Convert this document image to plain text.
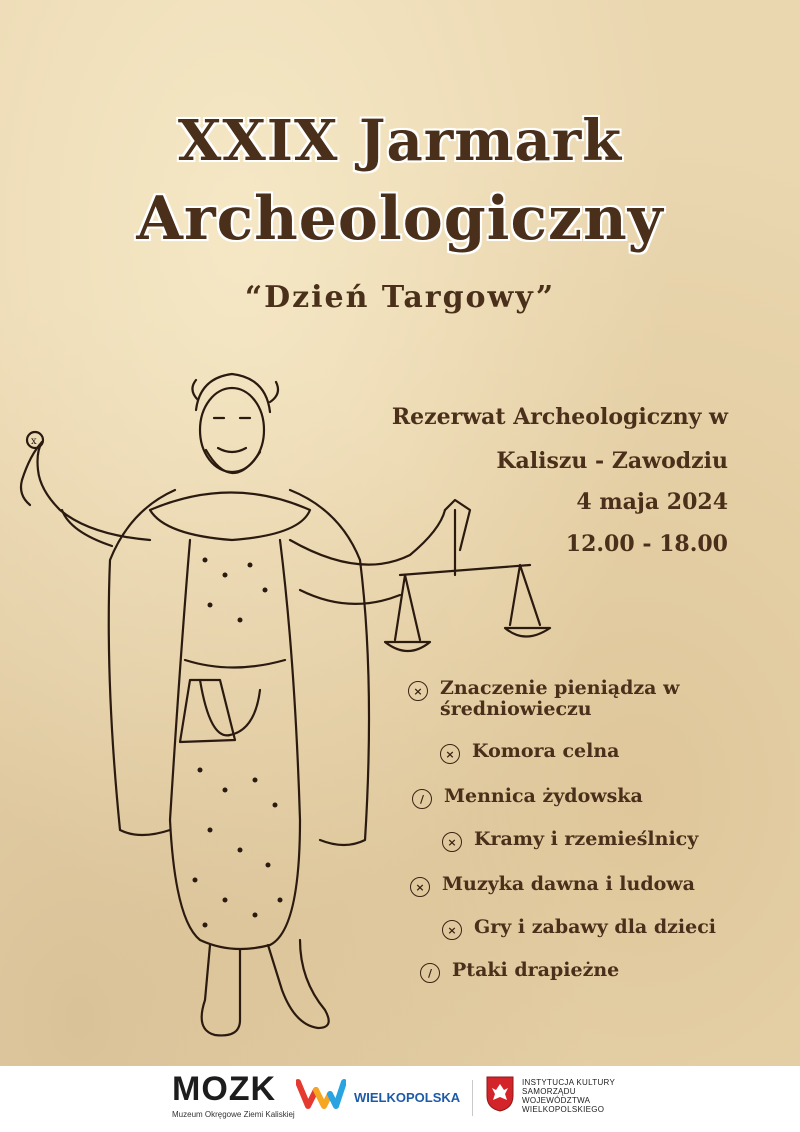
XXIX Jarmark
Archeologiczny
“Dzień Targowy”
Rezerwat Archeologiczny w
Kaliszu - Zawodziu
4 maja 2024
12.00 - 18.00
x
× Znaczenie pieniądza w
średniowieczu
× Komora celna
/	Mennica żydowska
× Kramy i rzemieślnicy
× Muzyka dawna i ludowa
× Gry i zabawy dla dzieci
/	Ptaki drapieżne
MOZK
Muzeum Okręgowe Ziemi Kaliskiej
WIELKOPOLSKA
INSTYTUCJA KULTURY
SAMORZĄDU
WOJEWÓDZTWA
WIELKOPOLSKIEGO
